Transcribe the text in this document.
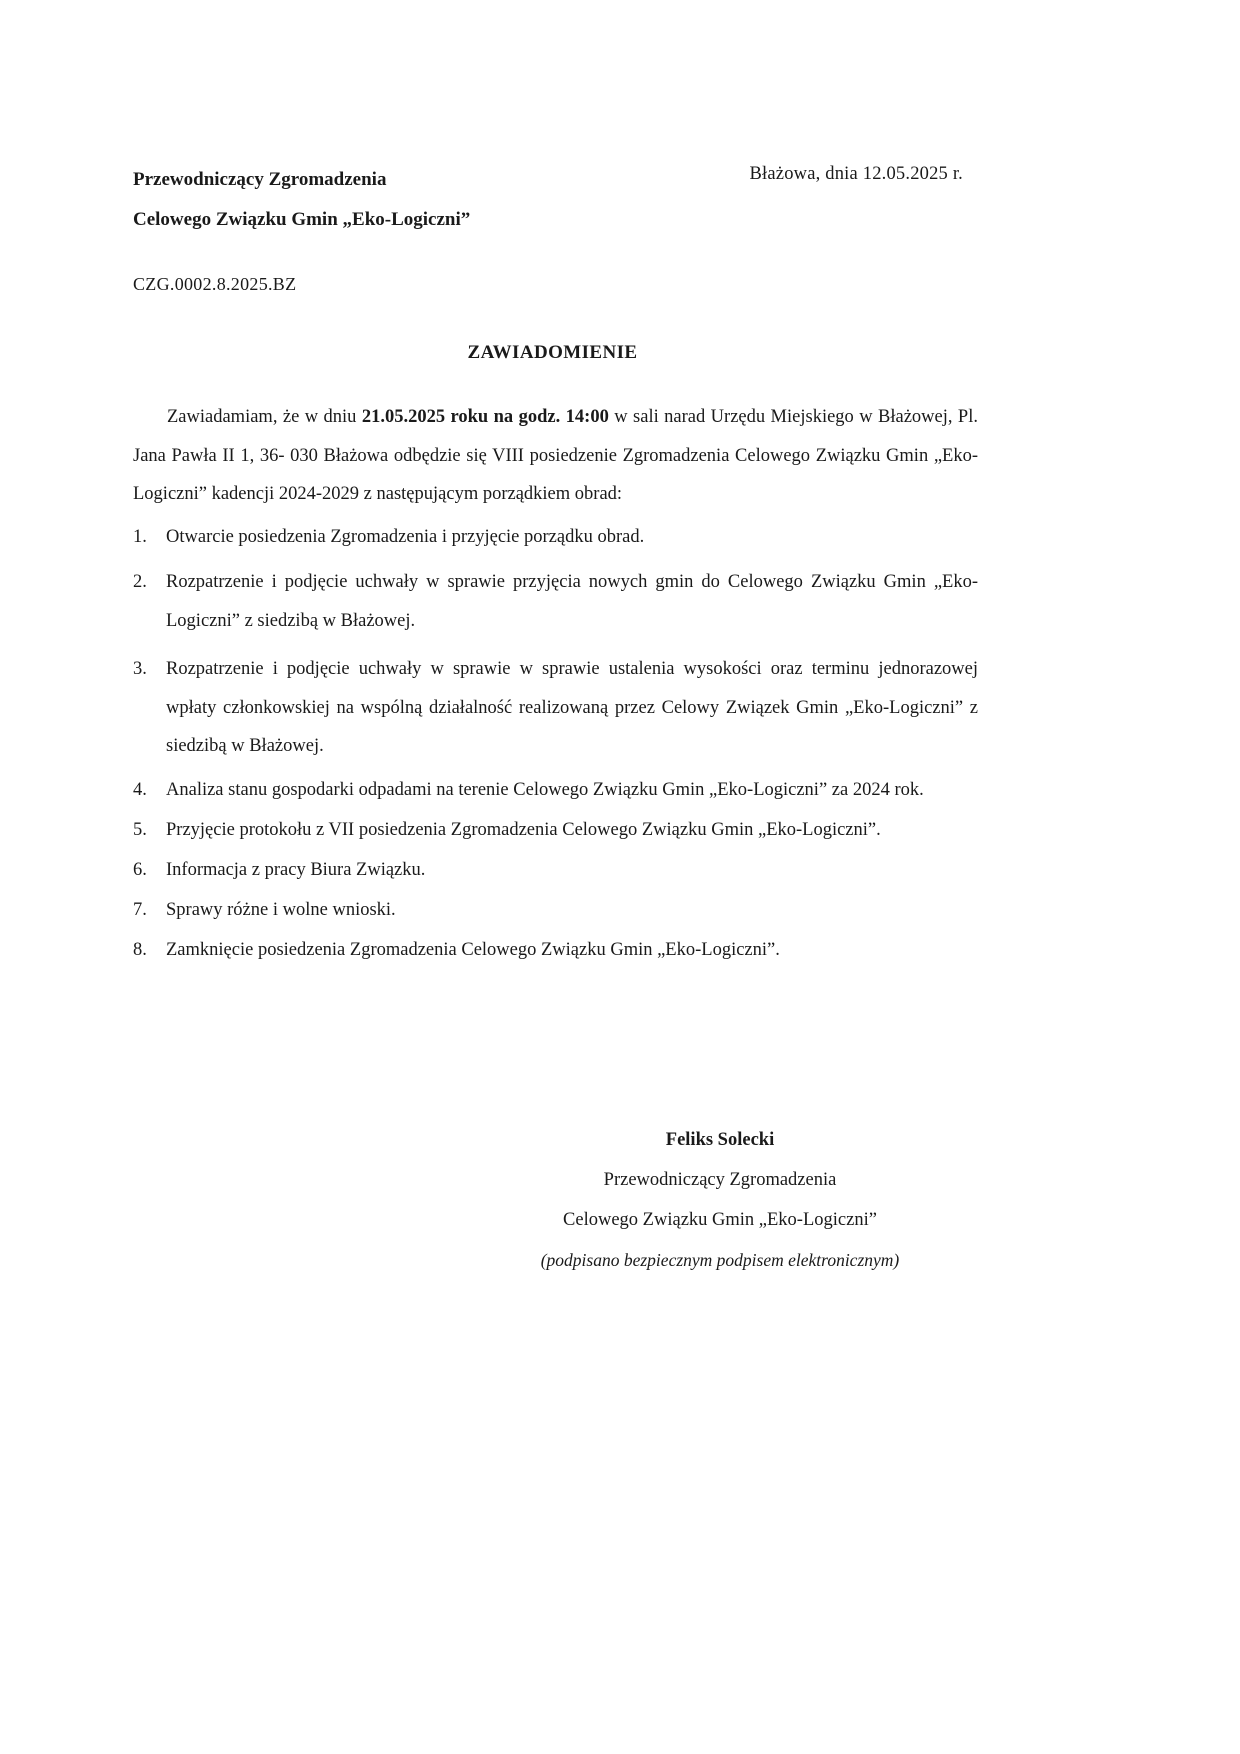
Przewodniczący Zgromadzenia
Celowego Związku Gmin „Eko-Logiczni”
Błażowa, dnia 12.05.2025 r.
CZG.0002.8.2025.BZ
ZAWIADOMIENIE

Zawiadamiam, że w dniu 21.05.2025 roku na godz. 14:00 w sali narad Urzędu Miejskiego w Błażowej, Pl. Jana Pawła II 1, 36- 030 Błażowa odbędzie się VIII posiedzenie Zgromadzenia Celowego Związku Gmin „Eko- Logiczni” kadencji 2024-2029 z następującym porządkiem obrad:

1. Otwarcie posiedzenia Zgromadzenia i przyjęcie porządku obrad.
2. Rozpatrzenie i podjęcie uchwały w sprawie przyjęcia nowych gmin do Celowego Związku Gmin „Eko-Logiczni” z siedzibą w Błażowej.
3. Rozpatrzenie i podjęcie uchwały w sprawie w sprawie ustalenia wysokości oraz terminu jednorazowej wpłaty członkowskiej na wspólną działalność realizowaną przez Celowy Związek Gmin „Eko-Logiczni” z siedzibą w Błażowej.
4. Analiza stanu gospodarki odpadami na terenie Celowego Związku Gmin „Eko-Logiczni” za 2024 rok.
5. Przyjęcie protokołu z VII posiedzenia Zgromadzenia Celowego Związku Gmin „Eko-Logiczni”.
6. Informacja z pracy Biura Związku.
7. Sprawy różne i wolne wnioski.
8. Zamknięcie posiedzenia Zgromadzenia Celowego Związku Gmin „Eko-Logiczni”.
Feliks Solecki
Przewodniczący Zgromadzenia
Celowego Związku Gmin „Eko-Logiczni”
(podpisano bezpiecznym podpisem elektronicznym)
